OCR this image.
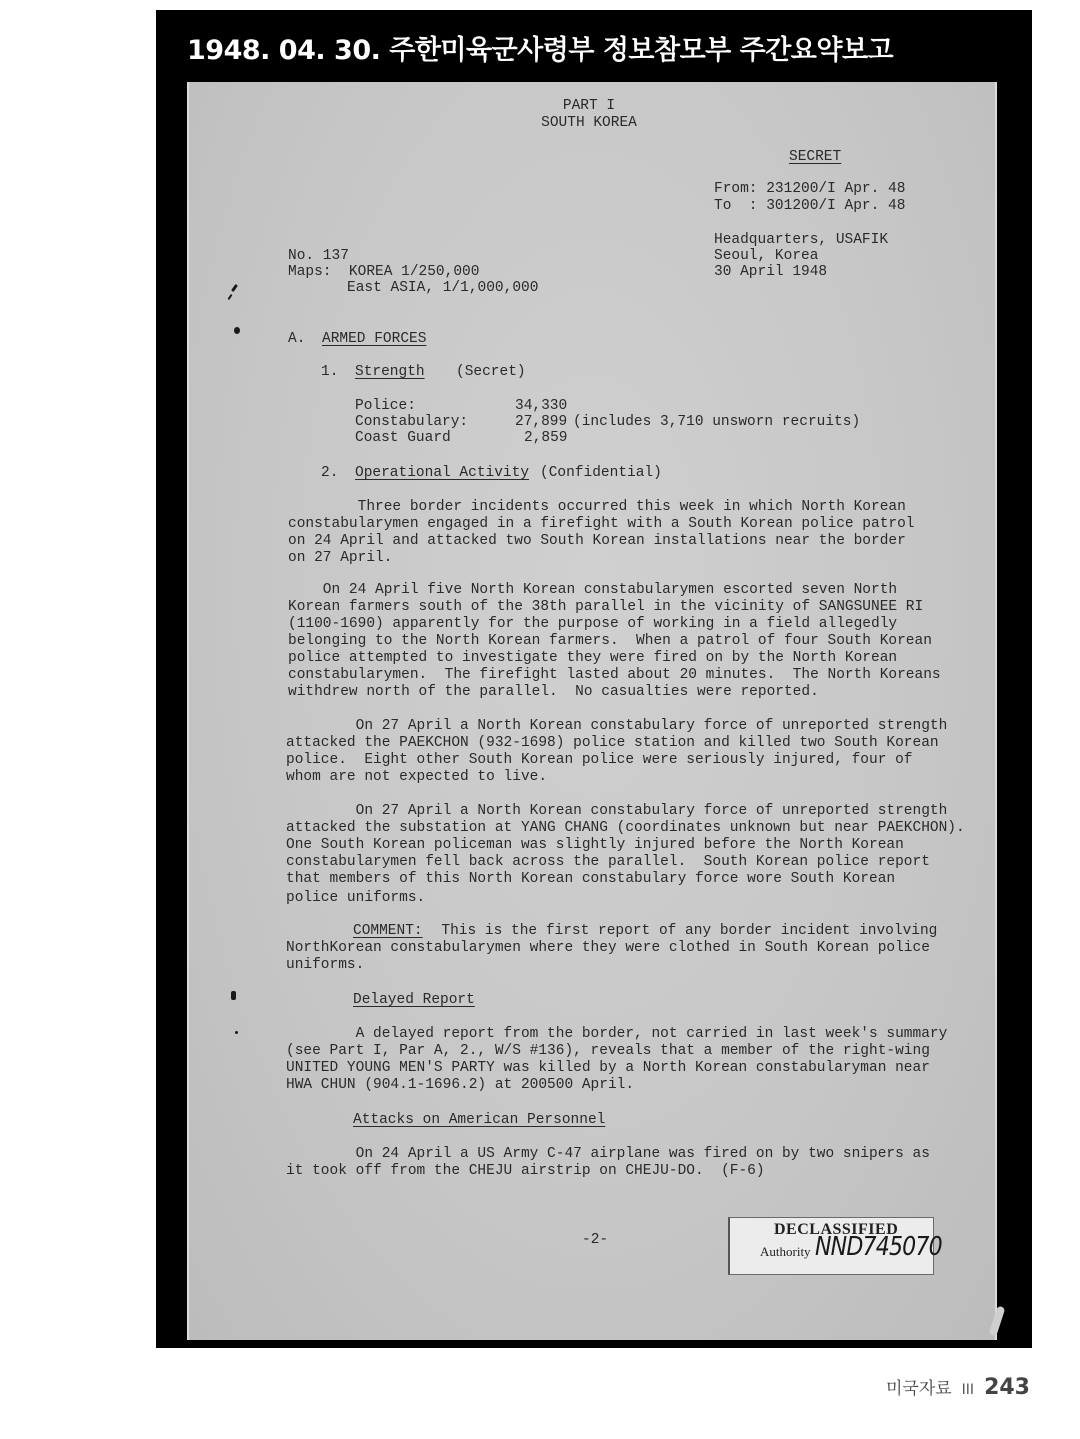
1948. 04. 30. 주한미육군사령부 정보참모부 주간요약보고
PART I
SOUTH KOREA
SECRET
From: 231200/I Apr. 48
To  : 301200/I Apr. 48
Headquarters, USAFIK
Seoul, Korea
30 April 1948
No. 137
Maps:  KOREA 1/250,000
East ASIA, 1/1,000,000
A. ARMED FORCES
1. Strength (Secret)
Police:	34,330
Constabulary:	27,899 (includes 3,710 unsworn recruits)
Coast Guard	2,859
2. Operational Activity (Confidential)
Three border incidents occurred this week in which North Korean
constabularymen engaged in a firefight with a South Korean police patrol
on 24 April and attacked two South Korean installations near the border
on 27 April.
On 24 April five North Korean constabularymen escorted seven North
Korean farmers south of the 38th parallel in the vicinity of SANGSUNEE RI
(1100-1690) apparently for the purpose of working in a field allegedly
belonging to the North Korean farmers.  When a patrol of four South Korean
police attempted to investigate they were fired on by the North Korean
constabularymen.  The firefight lasted about 20 minutes.  The North Koreans
withdrew north of the parallel.  No casualties were reported.
On 27 April a North Korean constabulary force of unreported strength
attacked the PAEKCHON (932-1698) police station and killed two South Korean
police.  Eight other South Korean police were seriously injured, four of
whom are not expected to live.
On 27 April a North Korean constabulary force of unreported strength
attacked the substation at YANG CHANG (coordinates unknown but near PAEKCHON).
One South Korean policeman was slightly injured before the North Korean
constabularymen fell back across the parallel.  South Korean police report
that members of this North Korean constabulary force wore South Korean
police uniforms.
COMMENT: This is the first report of any border incident involving
NorthKorean constabularymen where they were clothed in South Korean police
uniforms.
Delayed Report
A delayed report from the border, not carried in last week's summary
(see Part I, Par A, 2., W/S #136), reveals that a member of the right-wing
UNITED YOUNG MEN'S PARTY was killed by a North Korean constabularyman near
HWA CHUN (904.1-1696.2) at 200500 April.
Attacks on American Personnel
On 24 April a US Army C-47 airplane was fired on by two snipers as
it took off from the CHEJU airstrip on CHEJU-DO.  (F-6)
-2-
DECLASSIFIED
Authority NND745070
미국자료 III 243
